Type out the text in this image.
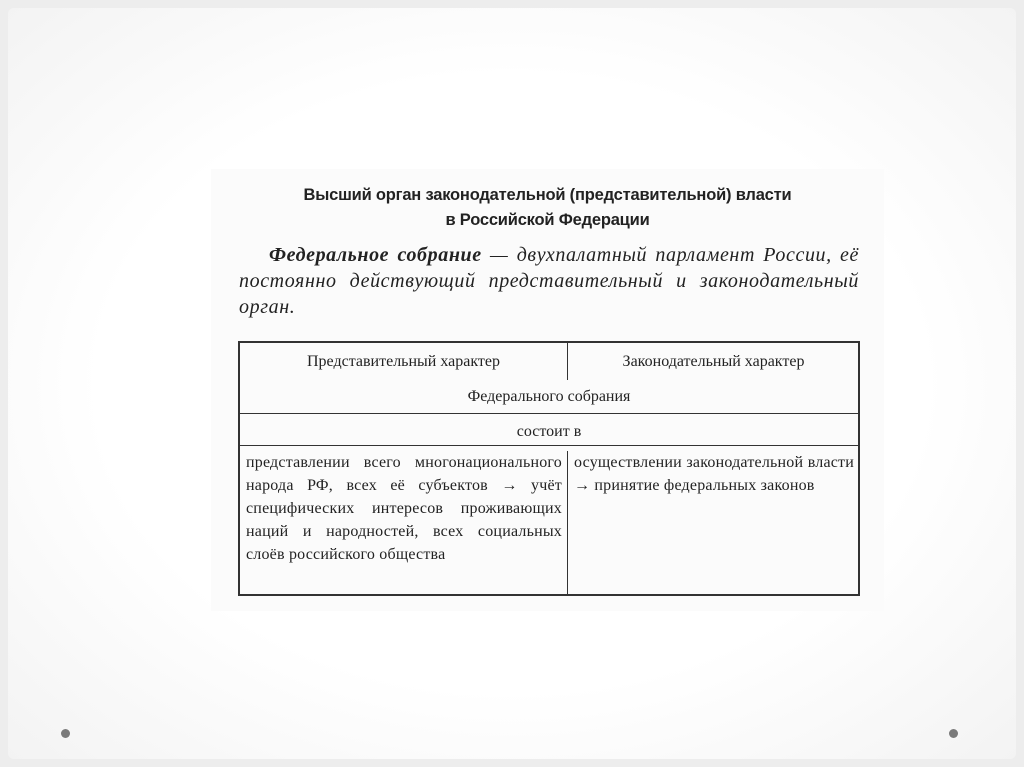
Высший орган законодательной (представительной) власти
в Российской Федерации
Федеральное собрание — двухпалатный парламент России, её постоянно действующий представительный и законодательный орган.
Представительный характер	Законодательный характер
Федерального собрания
состоит в
представлении всего многонационального народа РФ, всех её субъектов → учёт специфических интересов проживающих наций и народностей, всех социальных слоёв российского общества
осуществлении законодательной власти → принятие федеральных законов
